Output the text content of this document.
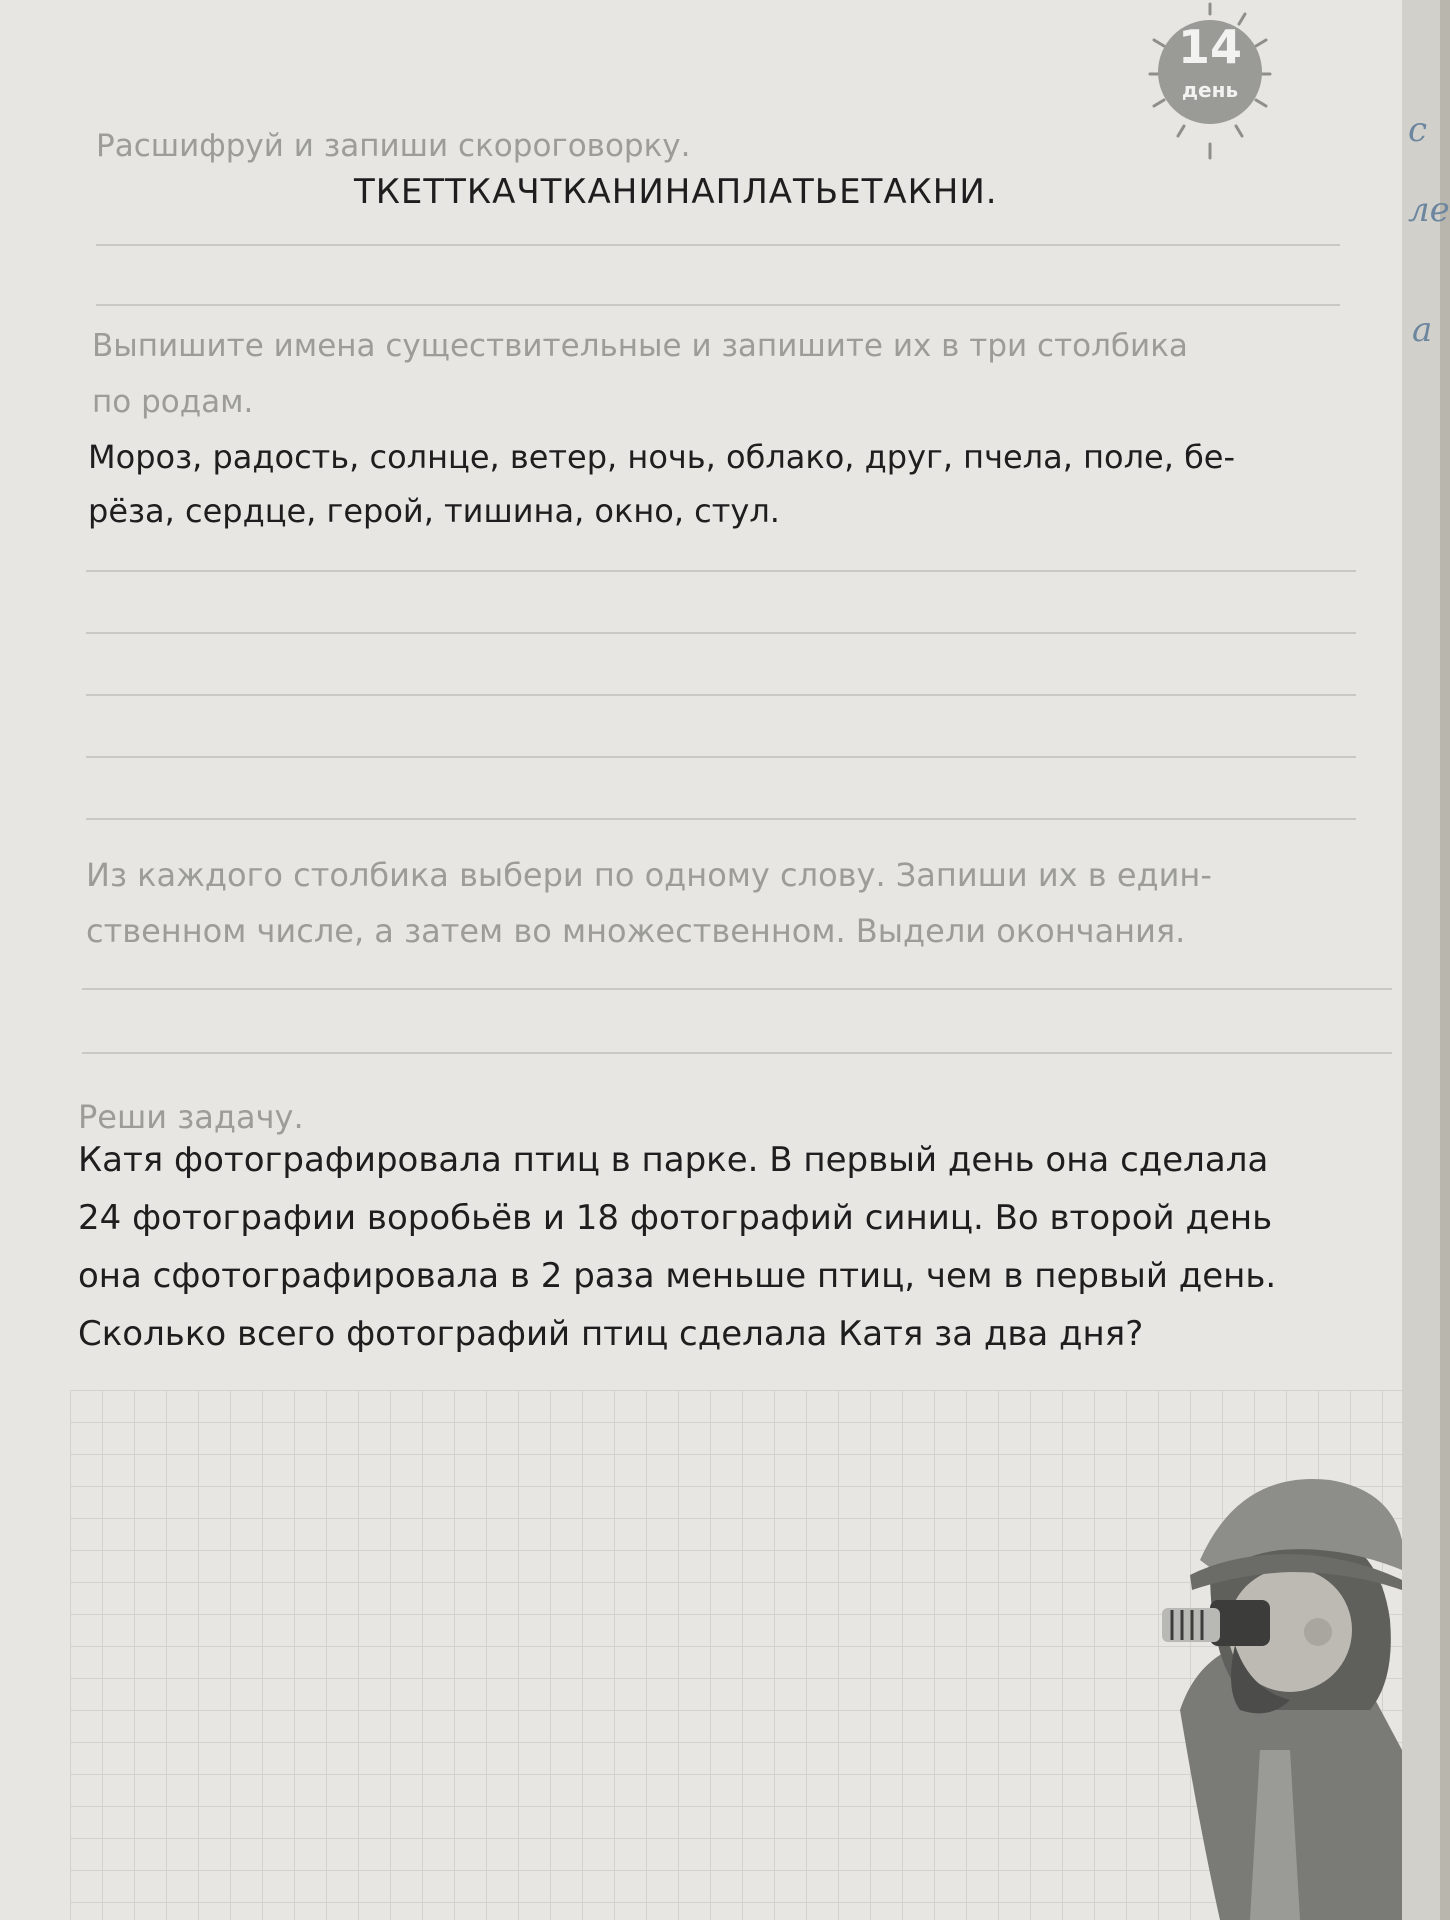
с
ле
а
14
день
Расшифруй и запиши скороговорку.
ТКЕТТКАЧТКАНИНАПЛАТЬЕТАКНИ.
Выпишите имена существительные и запишите их в три столбика
по родам.
Мороз, радость, солнце, ветер, ночь, облако, друг, пчела, поле, бе-
рёза, сердце, герой, тишина, окно, стул.
Из каждого столбика выбери по одному слову. Запиши их в един-
ственном числе, а затем во множественном. Выдели окончания.
Реши задачу.
Катя фотографировала птиц в парке. В первый день она сделала
24 фотографии воробьёв и 18 фотографий синиц. Во второй день
она сфотографировала в 2 раза меньше птиц, чем в первый день.
Сколько всего фотографий птиц сделала Катя за два дня?
